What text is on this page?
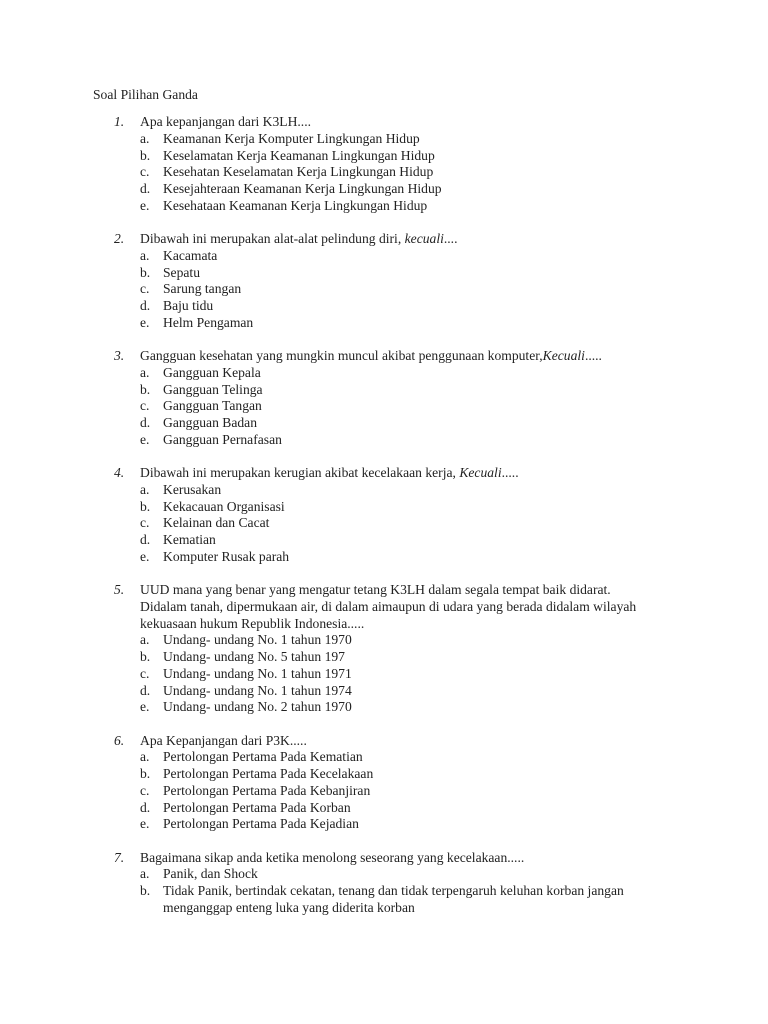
Soal Pilihan Ganda
1. Apa kepanjangan dari K3LH....
a. Keamanan Kerja Komputer Lingkungan Hidup
b. Keselamatan Kerja Keamanan Lingkungan Hidup
c. Kesehatan Keselamatan Kerja Lingkungan Hidup
d. Kesejahteraan Keamanan Kerja Lingkungan Hidup
e. Kesehataan Keamanan Kerja Lingkungan Hidup
2. Dibawah ini merupakan alat-alat pelindung diri, kecuali....
a. Kacamata
b. Sepatu
c. Sarung tangan
d. Baju tidu
e. Helm Pengaman
3. Gangguan kesehatan yang mungkin muncul akibat penggunaan komputer,Kecuali.....
a. Gangguan Kepala
b. Gangguan Telinga
c. Gangguan Tangan
d. Gangguan Badan
e. Gangguan Pernafasan
4. Dibawah ini merupakan kerugian akibat kecelakaan kerja, Kecuali.....
a. Kerusakan
b. Kekacauan Organisasi
c. Kelainan dan Cacat
d. Kematian
e. Komputer Rusak parah
5. UUD mana yang benar yang mengatur tetang K3LH dalam segala tempat baik didarat. Didalam tanah, dipermukaan air, di dalam aimaupun di udara yang berada didalam wilayah kekuasaan hukum Republik Indonesia.....
a. Undang- undang No. 1 tahun 1970
b. Undang- undang No. 5 tahun 197
c. Undang- undang No. 1 tahun 1971
d. Undang- undang No. 1 tahun 1974
e. Undang- undang No. 2 tahun 1970
6. Apa Kepanjangan dari P3K.....
a. Pertolongan Pertama Pada Kematian
b. Pertolongan Pertama Pada Kecelakaan
c. Pertolongan Pertama Pada Kebanjiran
d. Pertolongan Pertama Pada Korban
e. Pertolongan Pertama Pada Kejadian
7. Bagaimana sikap anda ketika menolong seseorang yang kecelakaan.....
a. Panik, dan Shock
b. Tidak Panik, bertindak cekatan, tenang dan tidak terpengaruh keluhan korban jangan menganggap enteng luka yang diderita korban
